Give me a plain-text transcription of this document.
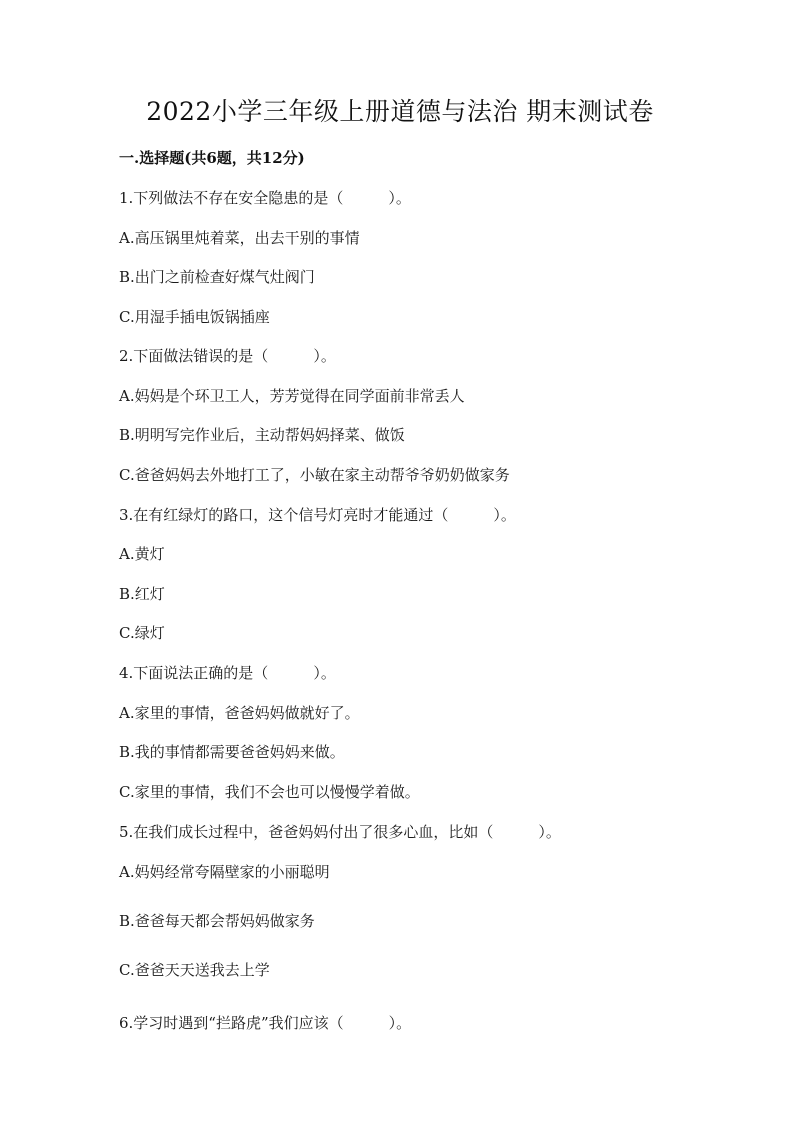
2022小学三年级上册道德与法治 期末测试卷
一.选择题(共6题，共12分)
1.下列做法不存在安全隐患的是（　　　）。
A.高压锅里炖着菜，出去干别的事情
B.出门之前检查好煤气灶阀门
C.用湿手插电饭锅插座
2.下面做法错误的是（　　　）。
A.妈妈是个环卫工人，芳芳觉得在同学面前非常丢人
B.明明写完作业后，主动帮妈妈择菜、做饭
C.爸爸妈妈去外地打工了，小敏在家主动帮爷爷奶奶做家务
3.在有红绿灯的路口，这个信号灯亮时才能通过（　　　）。
A.黄灯
B.红灯
C.绿灯
4.下面说法正确的是（　　　）。
A.家里的事情，爸爸妈妈做就好了。
B.我的事情都需要爸爸妈妈来做。
C.家里的事情，我们不会也可以慢慢学着做。
5.在我们成长过程中，爸爸妈妈付出了很多心血，比如（　　　）。
A.妈妈经常夸隔壁家的小丽聪明
B.爸爸每天都会帮妈妈做家务
C.爸爸天天送我去上学
6.学习时遇到“拦路虎”我们应该（　　　）。
